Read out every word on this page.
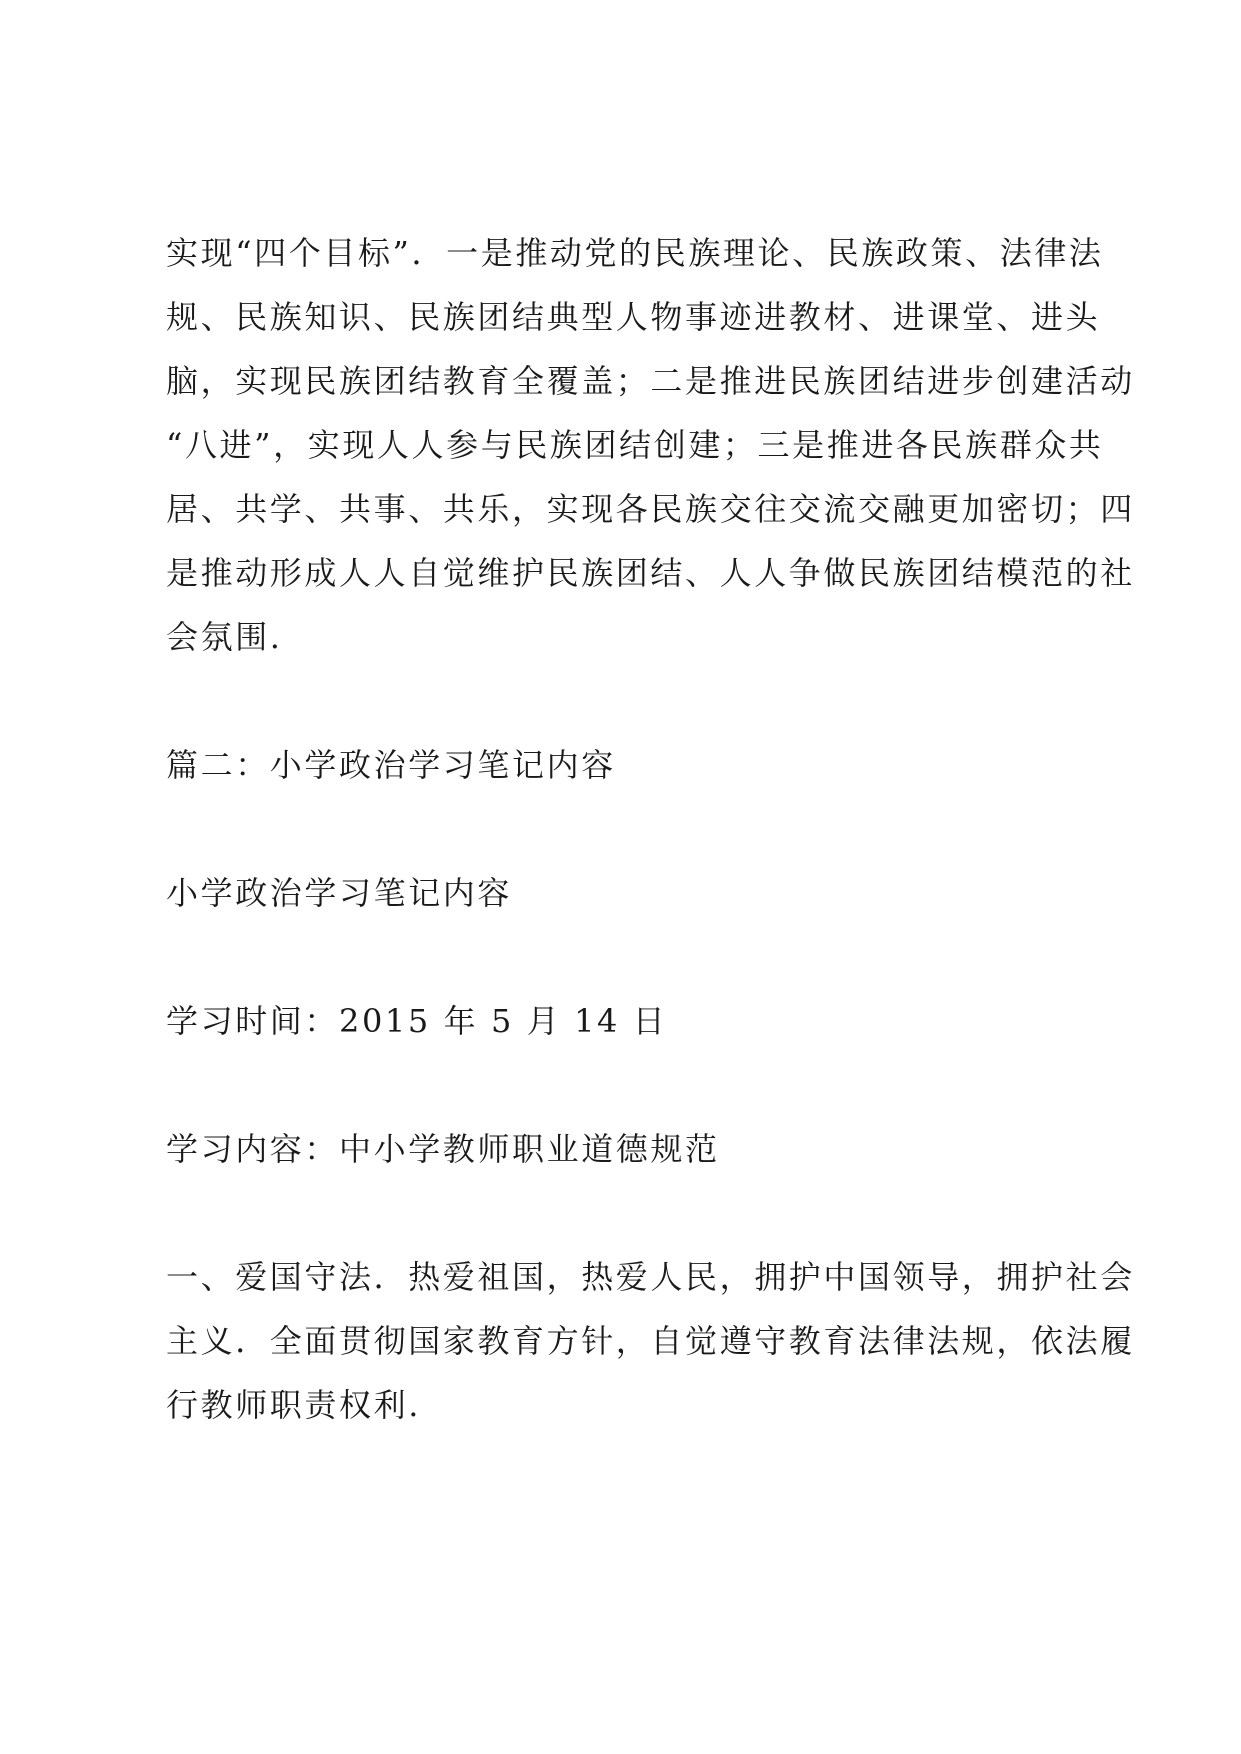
实现“四个目标”．一是推动党的民族理论、民族政策、法律法
规、民族知识、民族团结典型人物事迹进教材、进课堂、进头
脑，实现民族团结教育全覆盖；二是推进民族团结进步创建活动
“八进”，实现人人参与民族团结创建；三是推进各民族群众共
居、共学、共事、共乐，实现各民族交往交流交融更加密切；四
是推动形成人人自觉维护民族团结、人人争做民族团结模范的社
会氛围.
篇二：小学政治学习笔记内容
小学政治学习笔记内容
学习时间：2015 年 5 月 14 日
学习内容：中小学教师职业道德规范
一、爱国守法．热爱祖国，热爱人民，拥护中国领导，拥护社会
主义．全面贯彻国家教育方针，自觉遵守教育法律法规，依法履
行教师职责权利.
